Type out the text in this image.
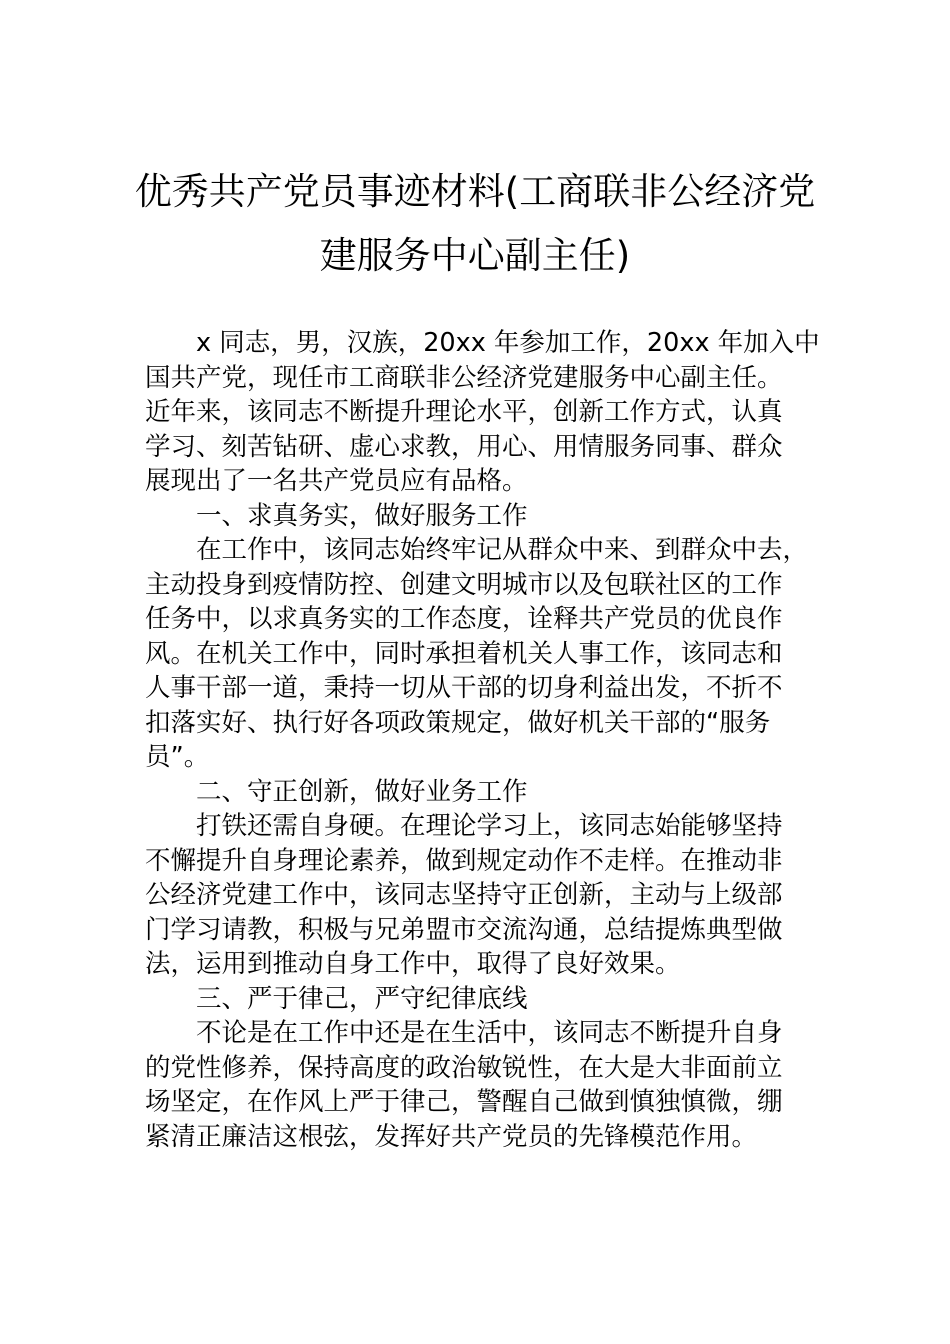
优秀共产党员事迹材料(工商联非公经济党
建服务中心副主任)
x 同志，男，汉族，20xx 年参加工作，20xx 年加入中
国共产党，现任市工商联非公经济党建服务中心副主任。
近年来，该同志不断提升理论水平，创新工作方式，认真
学习、刻苦钻研、虚心求教，用心、用情服务同事、群众
展现出了一名共产党员应有品格。
一、求真务实，做好服务工作
在工作中，该同志始终牢记从群众中来、到群众中去，
主动投身到疫情防控、创建文明城市以及包联社区的工作
任务中，以求真务实的工作态度，诠释共产党员的优良作
风。在机关工作中，同时承担着机关人事工作，该同志和
人事干部一道，秉持一切从干部的切身利益出发，不折不
扣落实好、执行好各项政策规定，做好机关干部的“服务
员”。
二、守正创新，做好业务工作
打铁还需自身硬。在理论学习上，该同志始能够坚持
不懈提升自身理论素养，做到规定动作不走样。在推动非
公经济党建工作中，该同志坚持守正创新，主动与上级部
门学习请教，积极与兄弟盟市交流沟通，总结提炼典型做
法，运用到推动自身工作中，取得了良好效果。
三、严于律己，严守纪律底线
不论是在工作中还是在生活中，该同志不断提升自身
的党性修养，保持高度的政治敏锐性，在大是大非面前立
场坚定，在作风上严于律己，警醒自己做到慎独慎微，绷
紧清正廉洁这根弦，发挥好共产党员的先锋模范作用。
